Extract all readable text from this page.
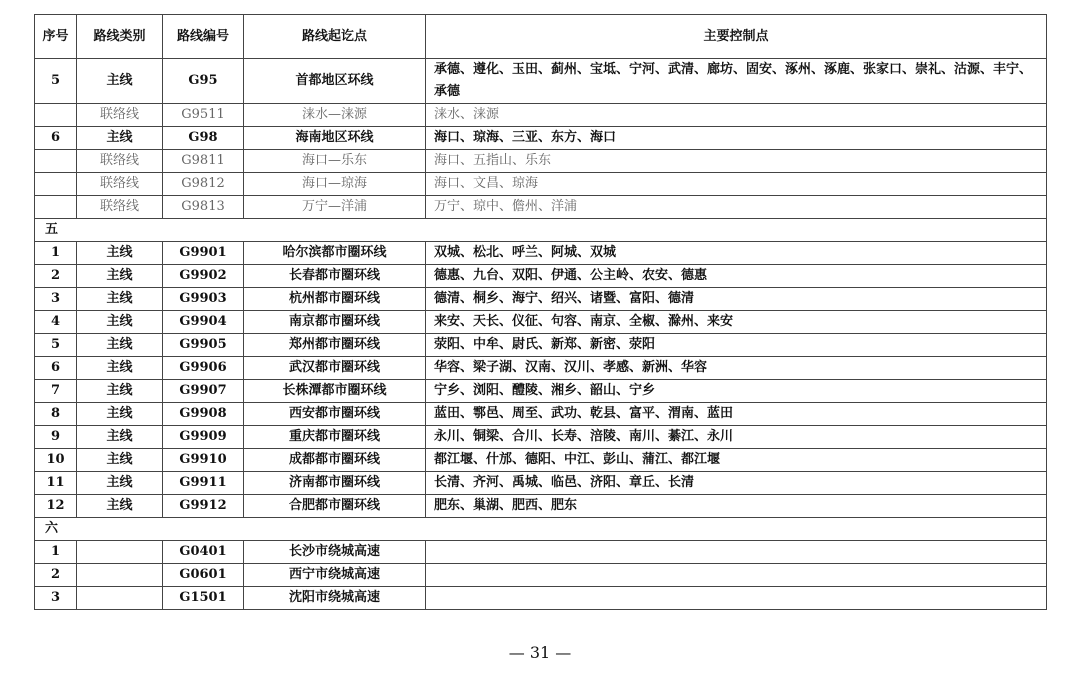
序号	路线类别	路线编号	路线起讫点	主要控制点
5	主线	G95	首都地区环线	承德、遵化、玉田、蓟州、宝坻、宁河、武清、廊坊、固安、涿州、涿鹿、张家口、崇礼、沽源、丰宁、承德
	联络线	G9511	涞水—涞源	涞水、涞源
6	主线	G98	海南地区环线	海口、琼海、三亚、东方、海口
	联络线	G9811	海口—乐东	海口、五指山、乐东
	联络线	G9812	海口—琼海	海口、文昌、琼海
	联络线	G9813	万宁—洋浦	万宁、琼中、儋州、洋浦
五				
1	主线	G9901	哈尔滨都市圈环线	双城、松北、呼兰、阿城、双城
2	主线	G9902	长春都市圈环线	德惠、九台、双阳、伊通、公主岭、农安、德惠
3	主线	G9903	杭州都市圈环线	德清、桐乡、海宁、绍兴、诸暨、富阳、德清
4	主线	G9904	南京都市圈环线	来安、天长、仪征、句容、南京、全椒、滁州、来安
5	主线	G9905	郑州都市圈环线	荥阳、中牟、尉氏、新郑、新密、荥阳
6	主线	G9906	武汉都市圈环线	华容、梁子湖、汉南、汉川、孝感、新洲、华容
7	主线	G9907	长株潭都市圈环线	宁乡、浏阳、醴陵、湘乡、韶山、宁乡
8	主线	G9908	西安都市圈环线	蓝田、鄠邑、周至、武功、乾县、富平、渭南、蓝田
9	主线	G9909	重庆都市圈环线	永川、铜梁、合川、长寿、涪陵、南川、綦江、永川
10	主线	G9910	成都都市圈环线	都江堰、什邡、德阳、中江、彭山、蒲江、都江堰
11	主线	G9911	济南都市圈环线	长清、齐河、禹城、临邑、济阳、章丘、长清
12	主线	G9912	合肥都市圈环线	肥东、巢湖、肥西、肥东
六				
1		G0401	长沙市绕城高速	
2		G0601	西宁市绕城高速	
3		G1501	沈阳市绕城高速	
— 31 —
